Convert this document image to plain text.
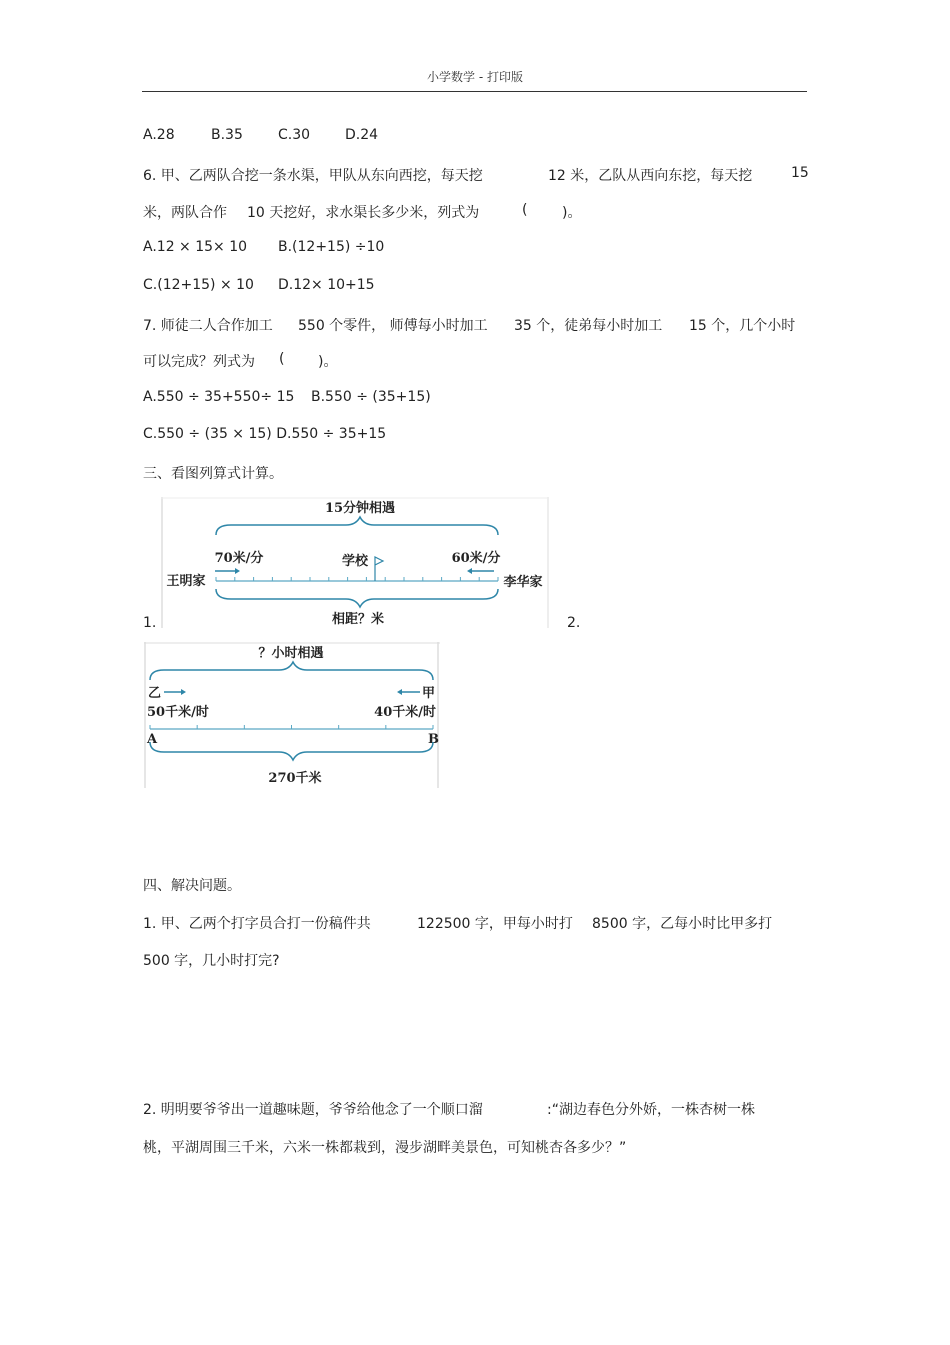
小学数学 - 打印版
A.28	B.35	C.30 D.24
6. 甲、乙两队合挖一条水渠，甲队从东向西挖，每天挖	12 米，乙队从西向东挖，每天挖	15
米，两队合作 10 天挖好，求水渠长多少米，列式为	( )。
A.12 × 15× 10 B.(12+15) ÷10
C.(12+15) × 10 D.12× 10+15
7. 师徒二人合作加工 550 个零件， 师傅每小时加工 35 个，徒弟每小时加工 15 个，几个小时
可以完成？列式为 ( )。
A.550 ÷ 35+550÷ 15 B.550 ÷ (35+15)
C.550 ÷ (35 × 15) D.550 ÷ 35+15
三、看图列算式计算。
15分钟相遇
70米/分	学校	60米/分
王明家	李华家
相距？米
1.	2.
？小时相遇
乙	甲
50千米/时	40千米/时
A	B
270千米
四、解决问题。
1. 甲、乙两个打字员合打一份稿件共	122500 字，甲每小时打 8500 字，乙每小时比甲多打
500 字，几小时打完?
2. 明明要爷爷出一道趣味题，爷爷给他念了一个顺口溜	:“湖边春色分外娇，一株杏树一株
桃，平湖周围三千米，六米一株都栽到，漫步湖畔美景色，可知桃杏各多少？”
